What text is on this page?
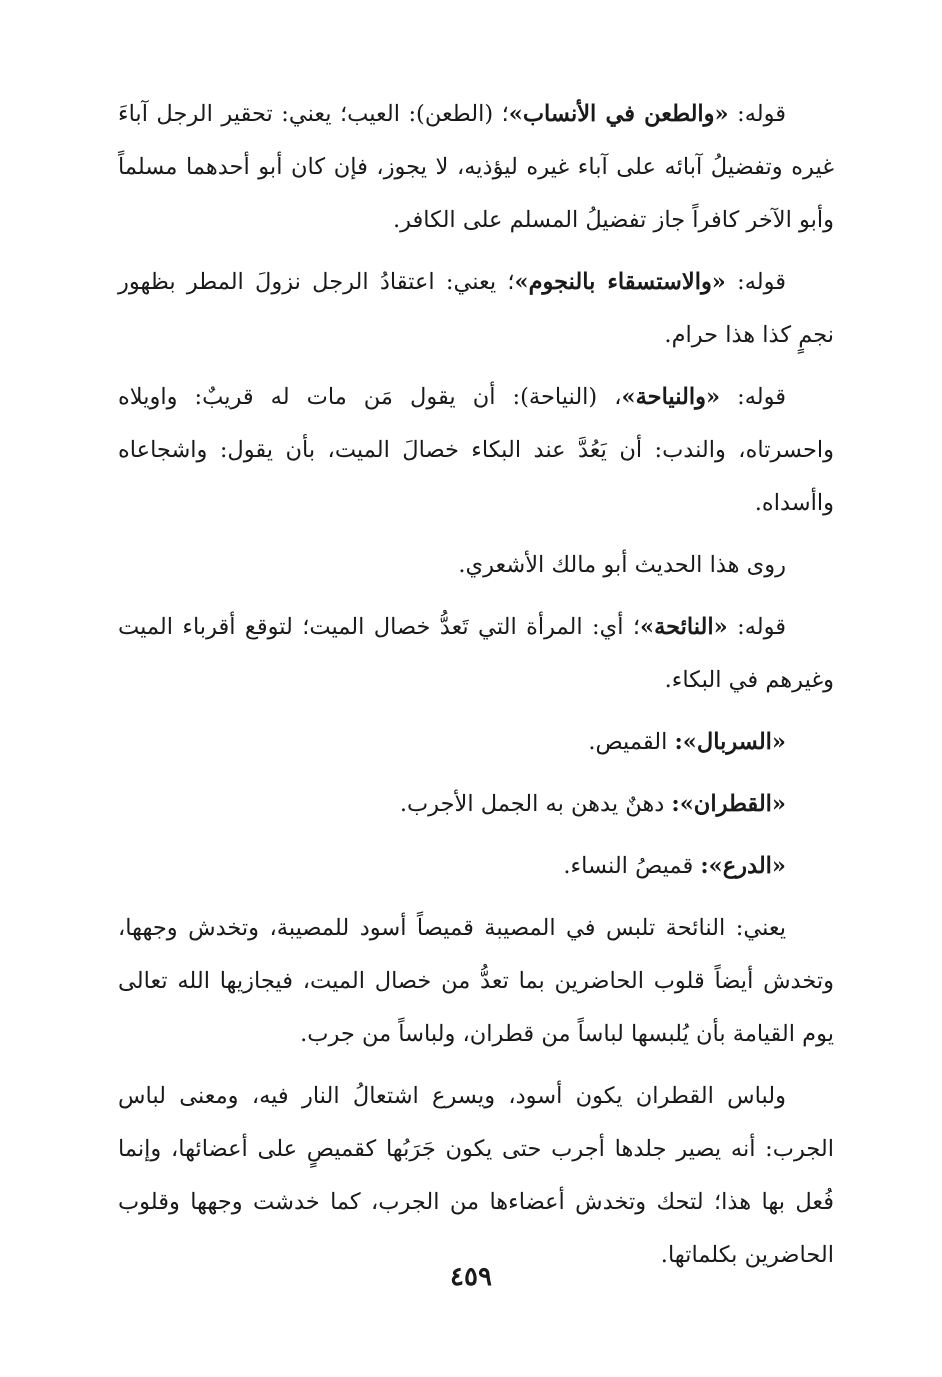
قوله: «والطعن في الأنساب»؛ (الطعن): العيب؛ يعني: تحقير الرجل آباءَ غيره وتفضيلُ آبائه على آباء غيره ليؤذيه، لا يجوز، فإن كان أبو أحدهما مسلماً وأبو الآخر كافراً جاز تفضيلُ المسلم على الكافر.

قوله: «والاستسقاء بالنجوم»؛ يعني: اعتقادُ الرجل نزولَ المطر بظهور نجمٍ كذا هذا حرام.

قوله: «والنياحة»، (النياحة): أن يقول مَن مات له قريبٌ: واويلاه واحسرتاه، والندب: أن يَعُدَّ عند البكاء خصالَ الميت، بأن يقول: واشجاعاه واأسداه.

روى هذا الحديث أبو مالك الأشعري.

قوله: «النائحة»؛ أي: المرأة التي تَعدُّ خصال الميت؛ لتوقع أقرباء الميت وغيرهم في البكاء.

«السربال»: القميص.

«القطران»: دهنٌ يدهن به الجمل الأجرب.

«الدرع»: قميصُ النساء.

يعني: النائحة تلبس في المصيبة قميصاً أسود للمصيبة، وتخدش وجهها، وتخدش أيضاً قلوب الحاضرين بما تعدُّ من خصال الميت، فيجازيها الله تعالى يوم القيامة بأن يُلبسها لباساً من قطران، ولباساً من جرب.

ولباس القطران يكون أسود، ويسرع اشتعالُ النار فيه، ومعنى لباس الجرب: أنه يصير جلدها أجرب حتى يكون جَرَبُها كقميصٍ على أعضائها، وإنما فُعل بها هذا؛ لتحك وتخدش أعضاءها من الجرب، كما خدشت وجهها وقلوب الحاضرين بكلماتها.

٤٥٩
